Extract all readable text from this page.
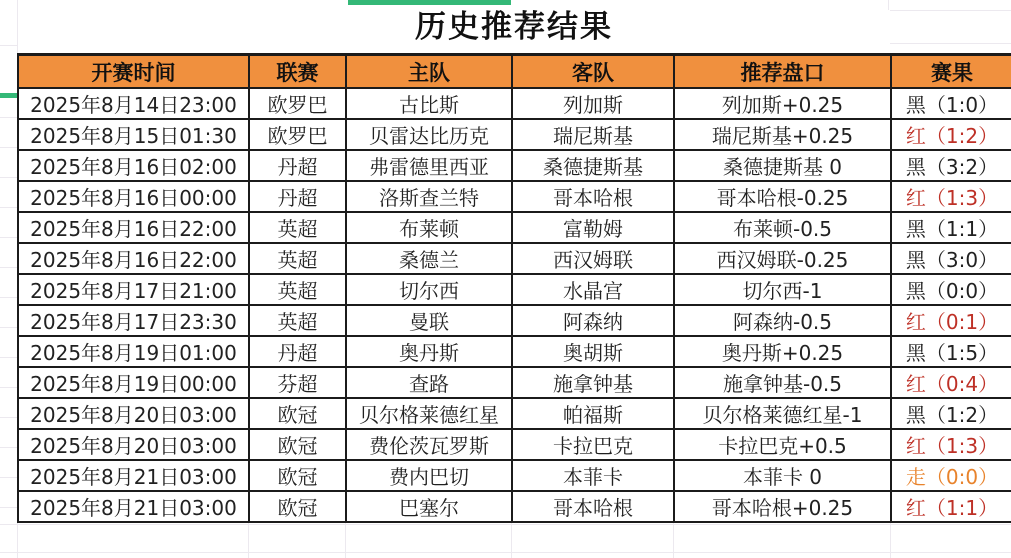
历史推荐结果
开赛时间	联赛	主队	客队	推荐盘口	赛果
2025年8月14日23:00	欧罗巴	古比斯	列加斯	列加斯+0.25	黑（1:0）
2025年8月15日01:30	欧罗巴	贝雷达比历克	瑞尼斯基	瑞尼斯基+0.25	红（1:2）
2025年8月16日02:00	丹超	弗雷德里西亚	桑德捷斯基	桑德捷斯基 0	黑（3:2）
2025年8月16日00:00	丹超	洛斯查兰特	哥本哈根	哥本哈根-0.25	红（1:3）
2025年8月16日22:00	英超	布莱顿	富勒姆	布莱顿-0.5	黑（1:1）
2025年8月16日22:00	英超	桑德兰	西汉姆联	西汉姆联-0.25	黑（3:0）
2025年8月17日21:00	英超	切尔西	水晶宫	切尔西-1	黑（0:0）
2025年8月17日23:30	英超	曼联	阿森纳	阿森纳-0.5	红（0:1）
2025年8月19日01:00	丹超	奥丹斯	奥胡斯	奥丹斯+0.25	黑（1:5）
2025年8月19日00:00	芬超	查路	施拿钟基	施拿钟基-0.5	红（0:4）
2025年8月20日03:00	欧冠	贝尔格莱德红星	帕福斯	贝尔格莱德红星-1	黑（1:2）
2025年8月20日03:00	欧冠	费伦茨瓦罗斯	卡拉巴克	卡拉巴克+0.5	红（1:3）
2025年8月21日03:00	欧冠	费内巴切	本菲卡	本菲卡 0	走（0:0）
2025年8月21日03:00	欧冠	巴塞尔	哥本哈根	哥本哈根+0.25	红（1:1）
